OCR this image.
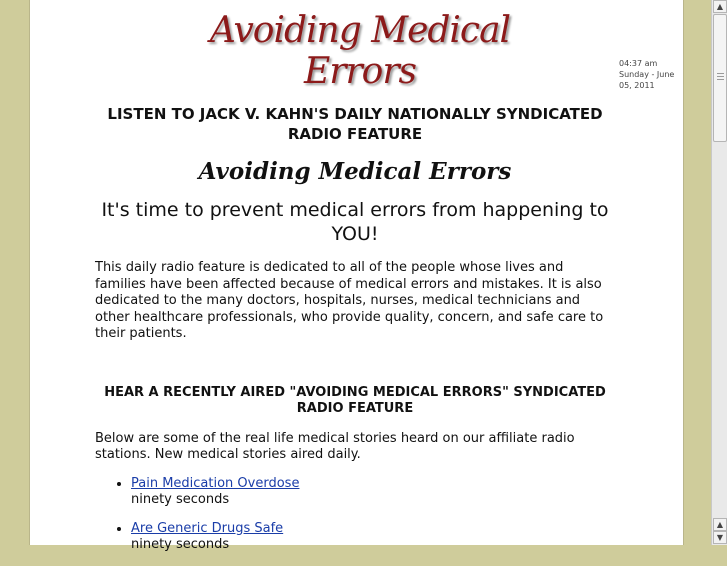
Avoiding Medical Errors	04:37 am
Sunday - June 05, 2011
LISTEN TO JACK V. KAHN'S DAILY NATIONALLY SYNDICATED RADIO FEATURE
Avoiding Medical Errors
It's time to prevent medical errors from happening to YOU!

This daily radio feature is dedicated to all of the people whose lives and families have been affected because of medical errors and mistakes. It is also dedicated to the many doctors, hospitals, nurses, medical technicians and other healthcare professionals, who provide quality, concern, and safe care to their patients.

HEAR A RECENTLY AIRED "AVOIDING MEDICAL ERRORS" SYNDICATED RADIO FEATURE

Below are some of the real life medical stories heard on our affiliate radio stations. New medical stories aired daily.

• Pain Medication Overdose
ninety seconds
• Are Generic Drugs Safe
ninety seconds
▲
▲
▼
